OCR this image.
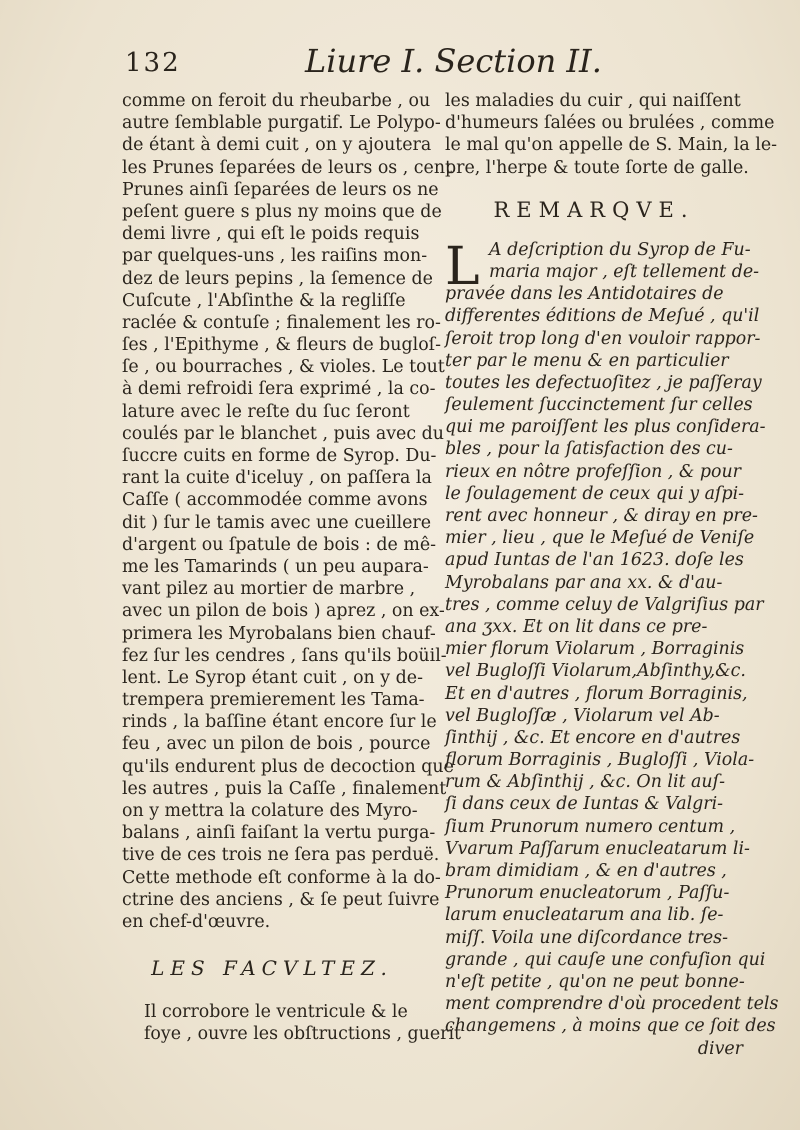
132	Liure I. Section II.
comme on feroit du rheubarbe , ou
autre ſemblable purgatif. Le Polypo-
de étant à demi cuit , on y ajoutera
les Prunes ſeparées de leurs os , cent
Prunes ainſi ſeparées de leurs os ne
peſent guere s plus ny moins que de
demi livre , qui eſt le poids requis
par quelques-uns , les raiſins mon-
dez de leurs pepins , la ſemence de
Cuſcute , l'Abſinthe & la regliſſe
raclée & contuſe ; finalement les ro-
ſes , l'Epithyme , & fleurs de bugloſ-
ſe , ou bourraches , & violes. Le tout
à demi refroidi ſera exprimé , la co-
lature avec le reſte du ſuc ſeront
coulés par le blanchet , puis avec du
ſuccre cuits en forme de Syrop. Du-
rant la cuite d'iceluy , on paſſera la
Caſſe ( accommodée comme avons
dit ) ſur le tamis avec une cueillere
d'argent ou ſpatule de bois : de mê-
me les Tamarinds ( un peu aupara-
vant pilez au mortier de marbre ,
avec un pilon de bois ) aprez , on ex-
primera les Myrobalans bien chauf-
fez ſur les cendres , ſans qu'ils boüil-
lent. Le Syrop étant cuit , on y de-
trempera premierement les Tama-
rinds , la baſſine étant encore ſur le
feu , avec un pilon de bois , pource
qu'ils endurent plus de decoction que
les autres , puis la Caſſe , finalement
on y mettra la colature des Myro-
balans , ainſi faiſant la vertu purga-
tive de ces trois ne ſera pas perduë.
Cette methode eſt conforme à la do-
ctrine des anciens , & ſe peut ſuivre
en chef-d'œuvre.
LES FACVLTEZ.
Il corrobore le ventricule & le
foye , ouvre les obſtructions , guerit
les maladies du cuir , qui naiſſent
d'humeurs ſalées ou brulées , comme
le mal qu'on appelle de S. Main, la le-
pre, l'herpe & toute ſorte de galle.
REMARQVE.
L A deſcription du Syrop de Fu-
maria major , eſt tellement de-
pravée dans les Antidotaires de
differentes éditions de Meſué , qu'il
ſeroit trop long d'en vouloir rappor-
ter par le menu & en particulier
toutes les defectuoſitez , je paſſeray
ſeulement ſuccinctement ſur celles
qui me paroiſſent les plus conſidera-
bles , pour la ſatisfaction des cu-
rieux en nôtre profeſſion , & pour
le ſoulagement de ceux qui y aſpi-
rent avec honneur , & diray en pre-
mier , lieu , que le Meſué de Veniſe
apud Iuntas de l'an 1623. doſe les
Myrobalans par ana xx. & d'au-
tres , comme celuy de Valgriſius par
ana ʒxx. Et on lit dans ce pre-
mier florum Violarum , Borraginis
vel Bugloſſi Violarum,Abſinthy,&c.
Et en d'autres , florum Borraginis,
vel Bugloſſæ , Violarum vel Ab-
ſinthij , &c. Et encore en d'autres
florum Borraginis , Bugloſſi , Viola-
rum & Abſinthij , &c. On lit auſ-
ſi dans ceux de Iuntas & Valgri-
ſium Prunorum numero centum ,
Vvarum Paſſarum enucleatarum li-
bram dimidiam , & en d'autres ,
Prunorum enucleatorum , Paſſu-
larum enucleatarum ana lib. ſe-
miſſ. Voila une diſcordance tres-
grande , qui cauſe une confuſion qui
n'eſt petite , qu'on ne peut bonne-
ment comprendre d'où procedent tels
changemens , à moins que ce ſoit des
diver
